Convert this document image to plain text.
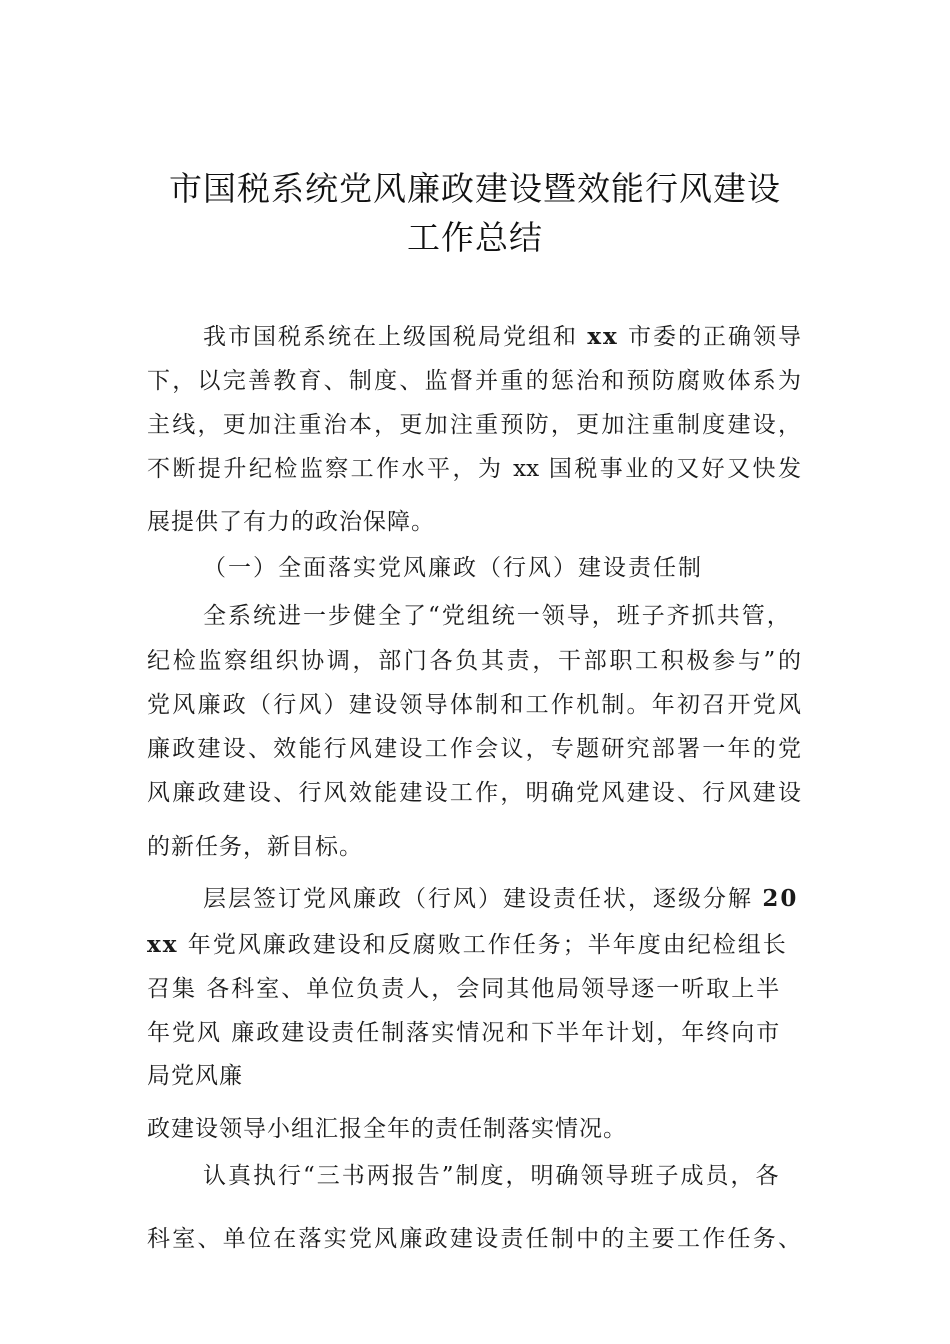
市国税系统党风廉政建设暨效能行风建设
工作总结
我市国税系统在上级国税局党组和 xx 市委的正确领导
下，以完善教育、制度、监督并重的惩治和预防腐败体系为
主线，更加注重治本，更加注重预防，更加注重制度建设，
不断提升纪检监察工作水平，为 xx 国税事业的又好又快发
展提供了有力的政治保障。
（一）全面落实党风廉政（行风）建设责任制
全系统进一步健全了“党组统一领导，班子齐抓共管，
纪检监察组织协调，部门各负其责，干部职工积极参与”的
党风廉政（行风）建设领导体制和工作机制。年初召开党风
廉政建设、效能行风建设工作会议，专题研究部署一年的党
风廉政建设、行风效能建设工作，明确党风建设、行风建设
的新任务，新目标。
层层签订党风廉政（行风）建设责任状，逐级分解 20
xx 年党风廉政建设和反腐败工作任务；半年度由纪检组长
召集 各科室、单位负责人，会同其他局领导逐一听取上半
年党风 廉政建设责任制落实情况和下半年计划，年终向市
局党风廉
政建设领导小组汇报全年的责任制落实情况。
认真执行“三书两报告”制度，明确领导班子成员，各
科室、单位在落实党风廉政建设责任制中的主要工作任务、
